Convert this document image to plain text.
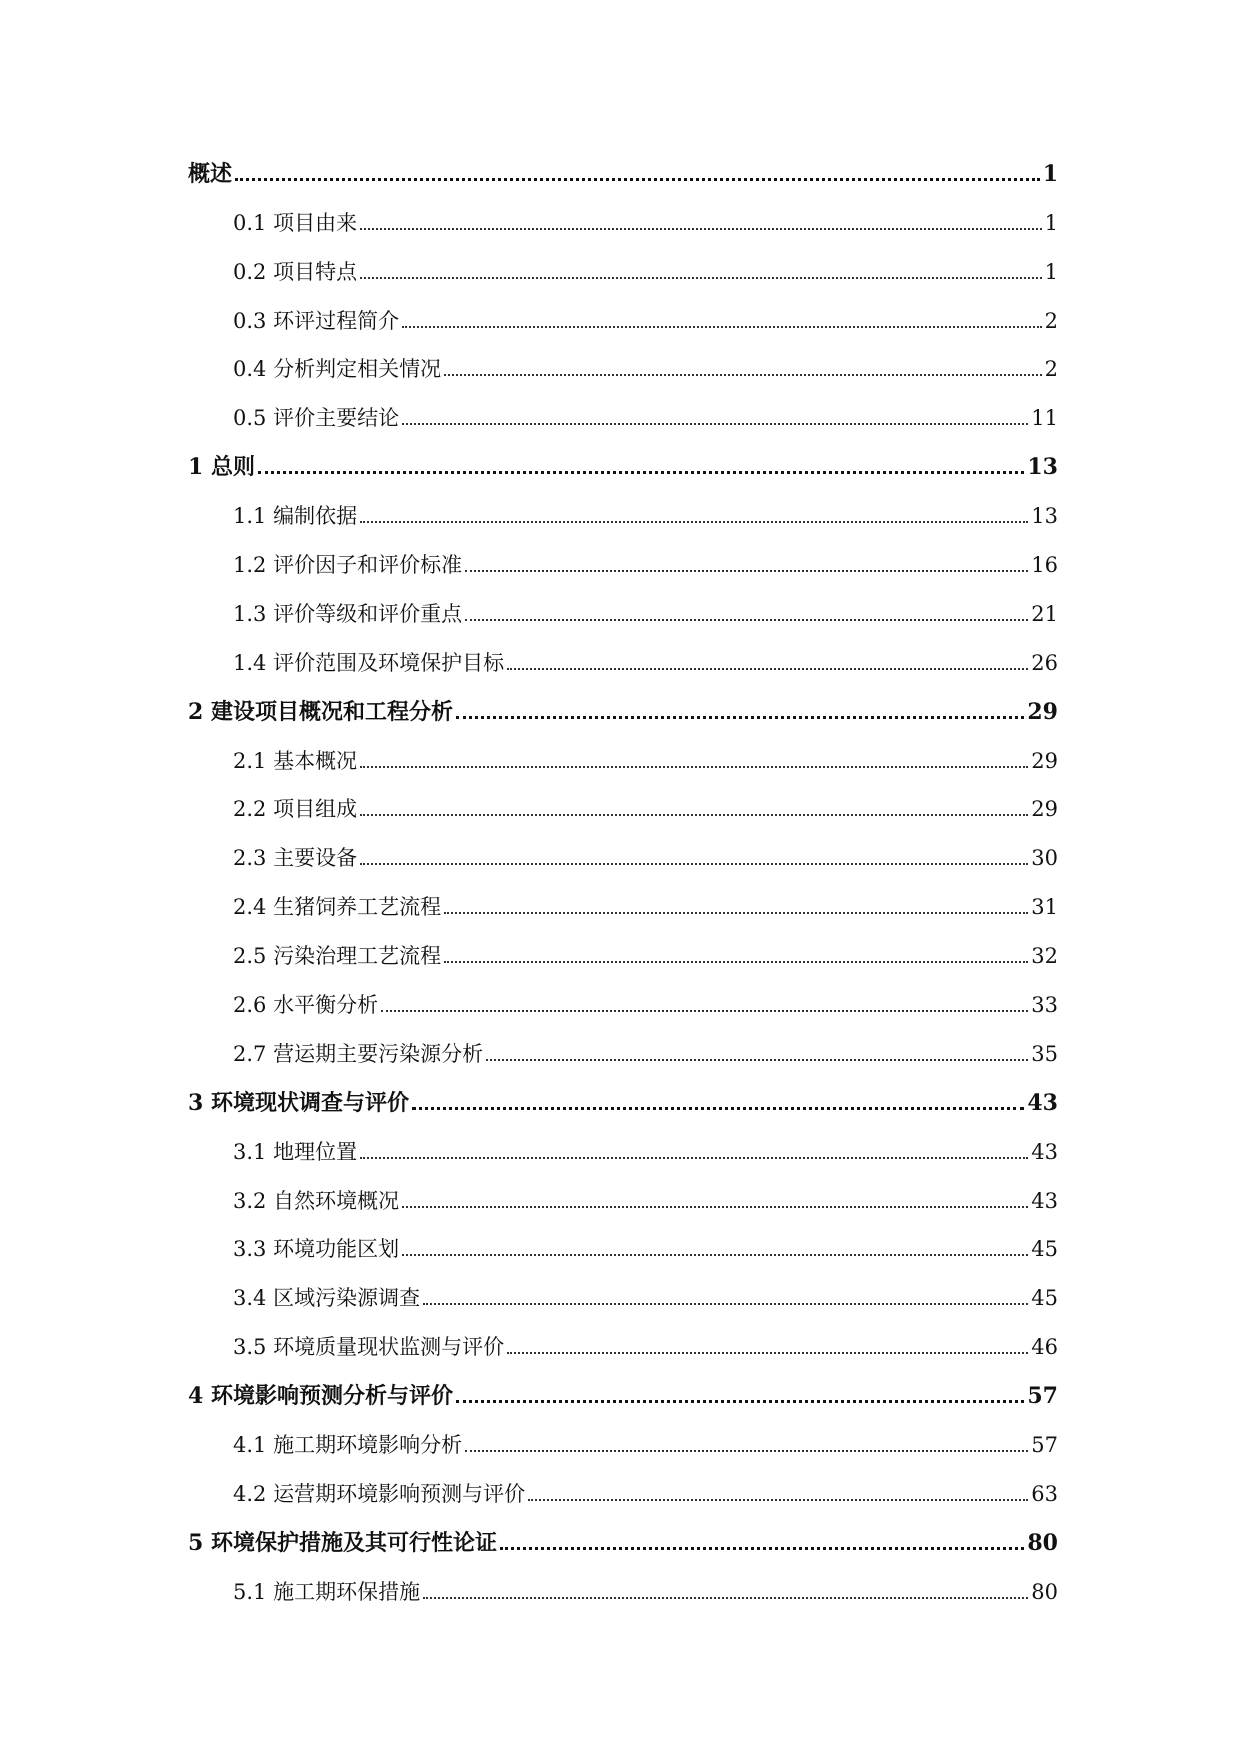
概述	1
0.1 项目由来	1
0.2 项目特点	1
0.3 环评过程简介	2
0.4 分析判定相关情况	2
0.5 评价主要结论	11
1 总则	13
1.1 编制依据	13
1.2 评价因子和评价标准	16
1.3 评价等级和评价重点	21
1.4 评价范围及环境保护目标	26
2 建设项目概况和工程分析	29
2.1 基本概况	29
2.2 项目组成	29
2.3 主要设备	30
2.4 生猪饲养工艺流程	31
2.5 污染治理工艺流程	32
2.6 水平衡分析	33
2.7 营运期主要污染源分析	35
3 环境现状调查与评价	43
3.1 地理位置	43
3.2 自然环境概况	43
3.3 环境功能区划	45
3.4 区域污染源调查	45
3.5 环境质量现状监测与评价	46
4 环境影响预测分析与评价	57
4.1 施工期环境影响分析	57
4.2 运营期环境影响预测与评价	63
5 环境保护措施及其可行性论证	80
5.1 施工期环保措施	80
